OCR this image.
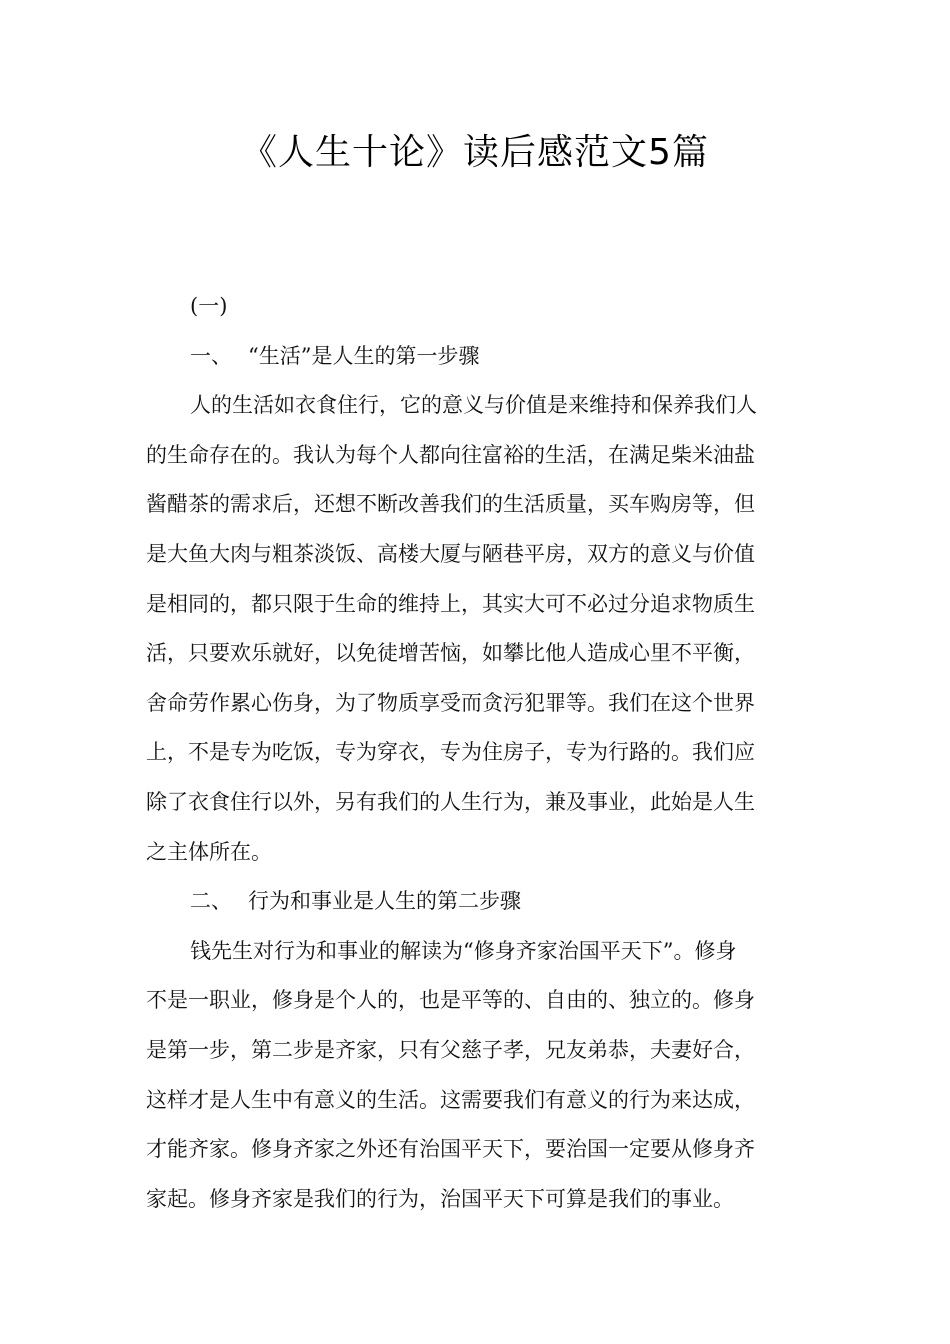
《人生十论》读后感范文5篇
(一)
一、 “生活”是人生的第一步骤
人的生活如衣食住行，它的意义与价值是来维持和保养我们人
的生命存在的。我认为每个人都向往富裕的生活，在满足柴米油盐
酱醋茶的需求后，还想不断改善我们的生活质量，买车购房等，但
是大鱼大肉与粗茶淡饭、高楼大厦与陋巷平房，双方的意义与价值
是相同的，都只限于生命的维持上，其实大可不必过分追求物质生
活，只要欢乐就好，以免徒增苦恼，如攀比他人造成心里不平衡，
舍命劳作累心伤身，为了物质享受而贪污犯罪等。我们在这个世界
上，不是专为吃饭，专为穿衣，专为住房子，专为行路的。我们应
除了衣食住行以外，另有我们的人生行为，兼及事业，此始是人生
之主体所在。
二、 行为和事业是人生的第二步骤
钱先生对行为和事业的解读为“修身齐家治国平天下”。修身
不是一职业，修身是个人的，也是平等的、自由的、独立的。修身
是第一步，第二步是齐家，只有父慈子孝，兄友弟恭，夫妻好合，
这样才是人生中有意义的生活。这需要我们有意义的行为来达成，
才能齐家。修身齐家之外还有治国平天下，要治国一定要从修身齐
家起。修身齐家是我们的行为，治国平天下可算是我们的事业。
